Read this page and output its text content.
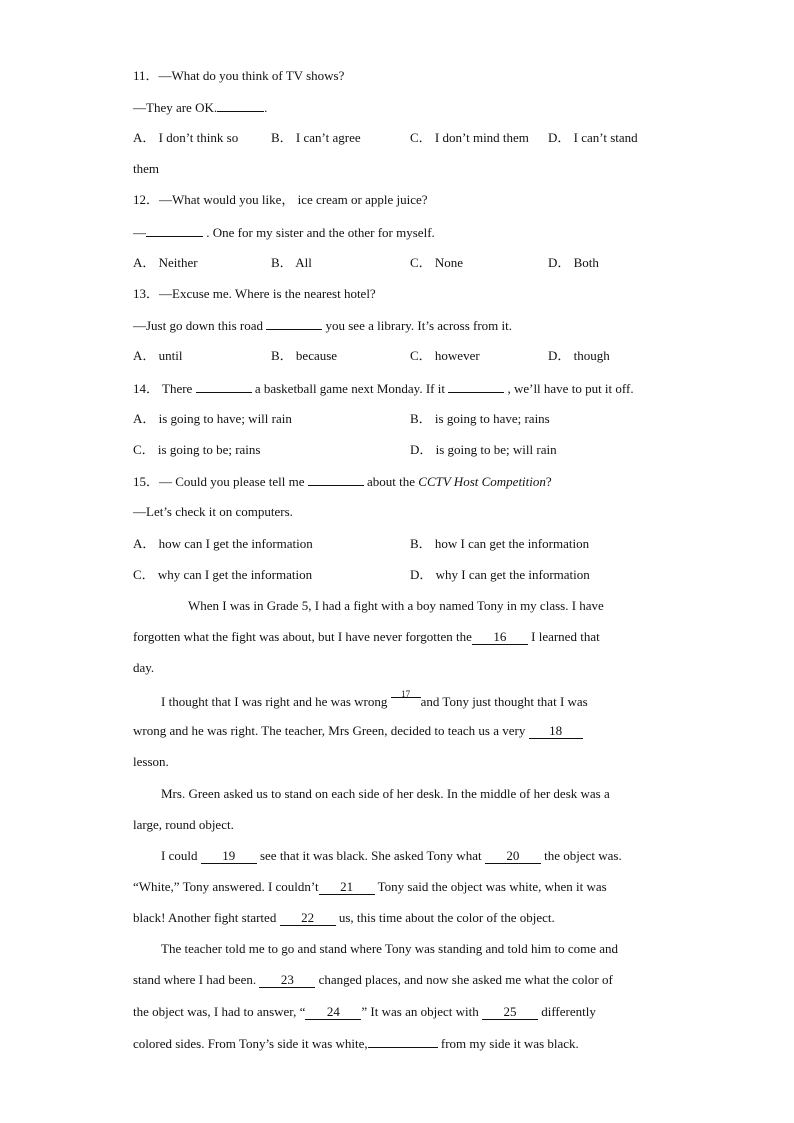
11．—What do you think of TV shows?
—They are OK.	.
A． I don’t think so	B． I can’t agree	C． I don’t mind them D． I can’t stand
them
12．—What would you like， ice cream or apple juice?
—	. One for my sister and the other for myself.
A． Neither	B． All	C． None	D． Both
13．—Excuse me. Where is the nearest hotel?
—Just go down this road	you see a library. It’s across from it.
A． until	B． because	C． however	D． though
14． There	a basketball game next Monday. If it	, we’ll have to put it off.
A． is going to have; will rain	B． is going to have; rains
C． is going to be; rains	D． is going to be; will rain
15．— Could you please tell me	about the CCTV Host Competition?
—Let’s check it on computers.
A． how can I get the information	B． how I can get the information
C． why can I get the information	D． why I can get the information
When I was in Grade 5, I had a fight with a boy named Tony in my class. I have
forgotten what the fight was about, but I have never forgotten the 16 I learned that
day.
I thought that I was right and he was wrong	17 and Tony just thought that I was
wrong and he was right. The teacher, Mrs Green, decided to teach us a very 18
lesson.
Mrs. Green asked us to stand on each side of her desk. In the middle of her desk was a
large, round object.
I could 19 see that it was black. She asked Tony what 20 the object was.
“White,” Tony answered. I couldn’t 21 Tony said the object was white, when it was
black! Another fight started 22 us, this time about the color of the object.
The teacher told me to go and stand where Tony was standing and told him to come and
stand where I had been. 23 changed places, and now she asked me what the color of
the object was, I had to answer, “ 24 ” It was an object with 25 differently
colored sides. From Tony’s side it was white,	from my side it was black.
